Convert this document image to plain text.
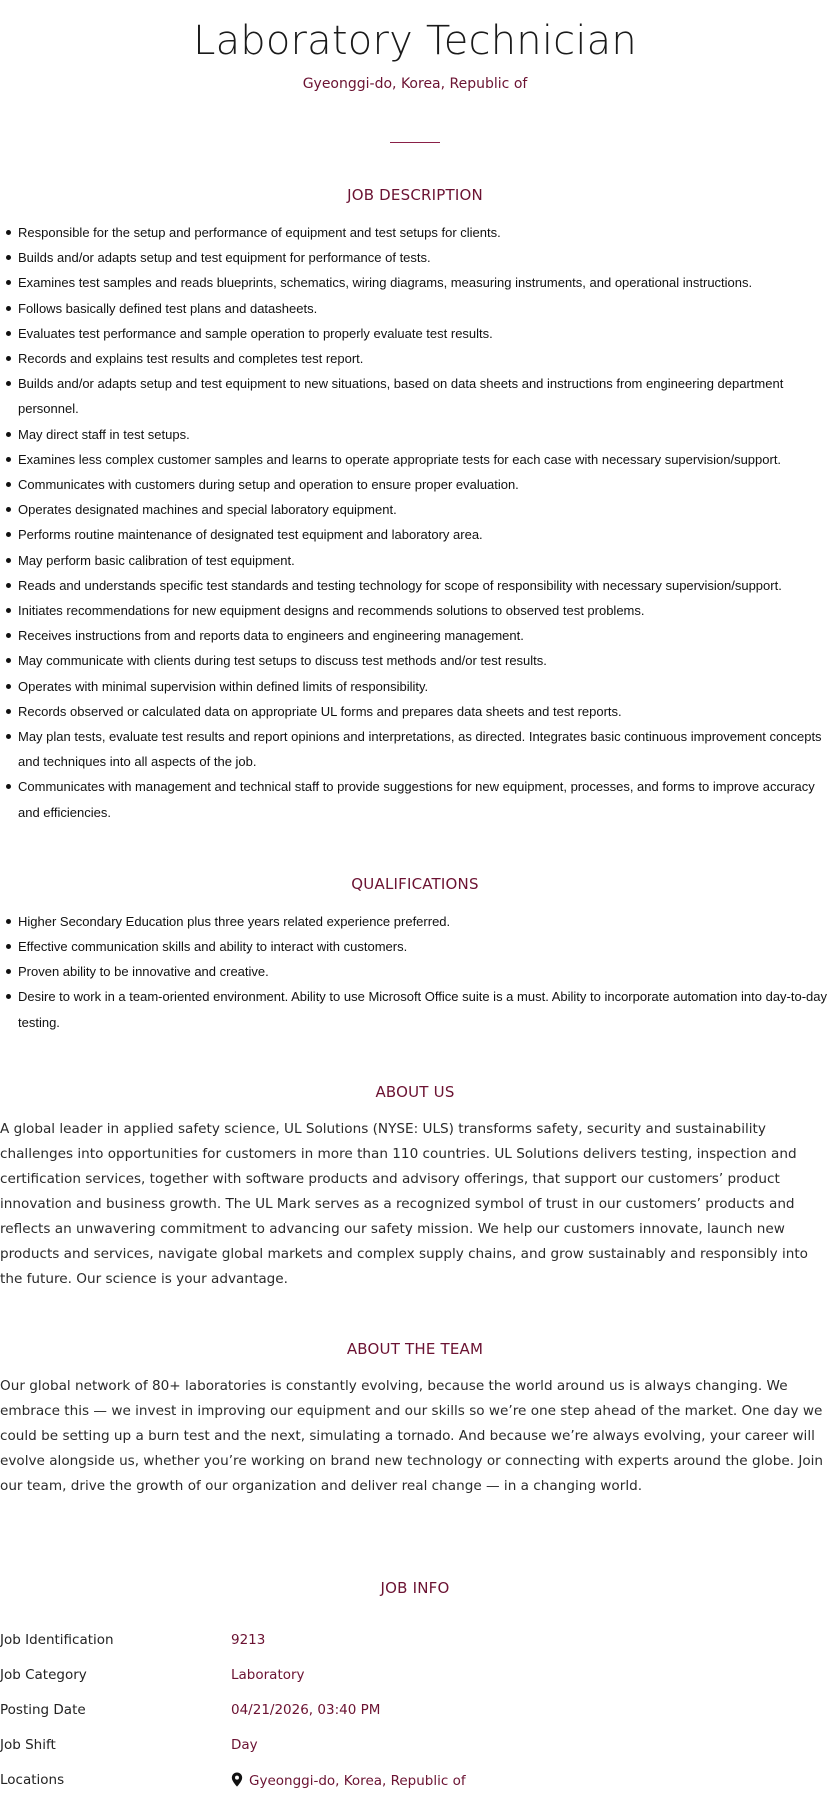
Laboratory Technician
Gyeonggi-do, Korea, Republic of
JOB DESCRIPTION
Responsible for the setup and performance of equipment and test setups for clients.
Builds and/or adapts setup and test equipment for performance of tests.
Examines test samples and reads blueprints, schematics, wiring diagrams, measuring instruments, and operational instructions.
Follows basically defined test plans and datasheets.
Evaluates test performance and sample operation to properly evaluate test results.
Records and explains test results and completes test report.
Builds and/or adapts setup and test equipment to new situations, based on data sheets and instructions from engineering department personnel.
May direct staff in test setups.
Examines less complex customer samples and learns to operate appropriate tests for each case with necessary supervision/support.
Communicates with customers during setup and operation to ensure proper evaluation.
Operates designated machines and special laboratory equipment.
Performs routine maintenance of designated test equipment and laboratory area.
May perform basic calibration of test equipment.
Reads and understands specific test standards and testing technology for scope of responsibility with necessary supervision/support.
Initiates recommendations for new equipment designs and recommends solutions to observed test problems.
Receives instructions from and reports data to engineers and engineering management.
May communicate with clients during test setups to discuss test methods and/or test results.
Operates with minimal supervision within defined limits of responsibility.
Records observed or calculated data on appropriate UL forms and prepares data sheets and test reports.
May plan tests, evaluate test results and report opinions and interpretations, as directed. Integrates basic continuous improvement concepts and techniques into all aspects of the job.
Communicates with management and technical staff to provide suggestions for new equipment, processes, and forms to improve accuracy and efficiencies.
QUALIFICATIONS
Higher Secondary Education plus three years related experience preferred.
Effective communication skills and ability to interact with customers.
Proven ability to be innovative and creative.
Desire to work in a team-oriented environment. Ability to use Microsoft Office suite is a must. Ability to incorporate automation into day-to-day testing.
ABOUT US

A global leader in applied safety science, UL Solutions (NYSE: ULS) transforms safety, security and sustainability challenges into opportunities for customers in more than 110 countries. UL Solutions delivers testing, inspection and certification services, together with software products and advisory offerings, that support our customers’ product innovation and business growth. The UL Mark serves as a recognized symbol of trust in our customers’ products and reflects an unwavering commitment to advancing our safety mission. We help our customers innovate, launch new products and services, navigate global markets and complex supply chains, and grow sustainably and responsibly into the future. Our science is your advantage.

ABOUT THE TEAM

Our global network of 80+ laboratories is constantly evolving, because the world around us is always changing. We embrace this — we invest in improving our equipment and our skills so we’re one step ahead of the market. One day we could be setting up a burn test and the next, simulating a tornado. And because we’re always evolving, your career will evolve alongside us, whether you’re working on brand new technology or connecting with experts around the globe. Join our team, drive the growth of our organization and deliver real change — in a changing world.

JOB INFO
Job Identification	9213
Job Category	Laboratory
Posting Date	04/21/2026, 03:40 PM
Job Shift	Day
Locations	Gyeonggi-do, Korea, Republic of
